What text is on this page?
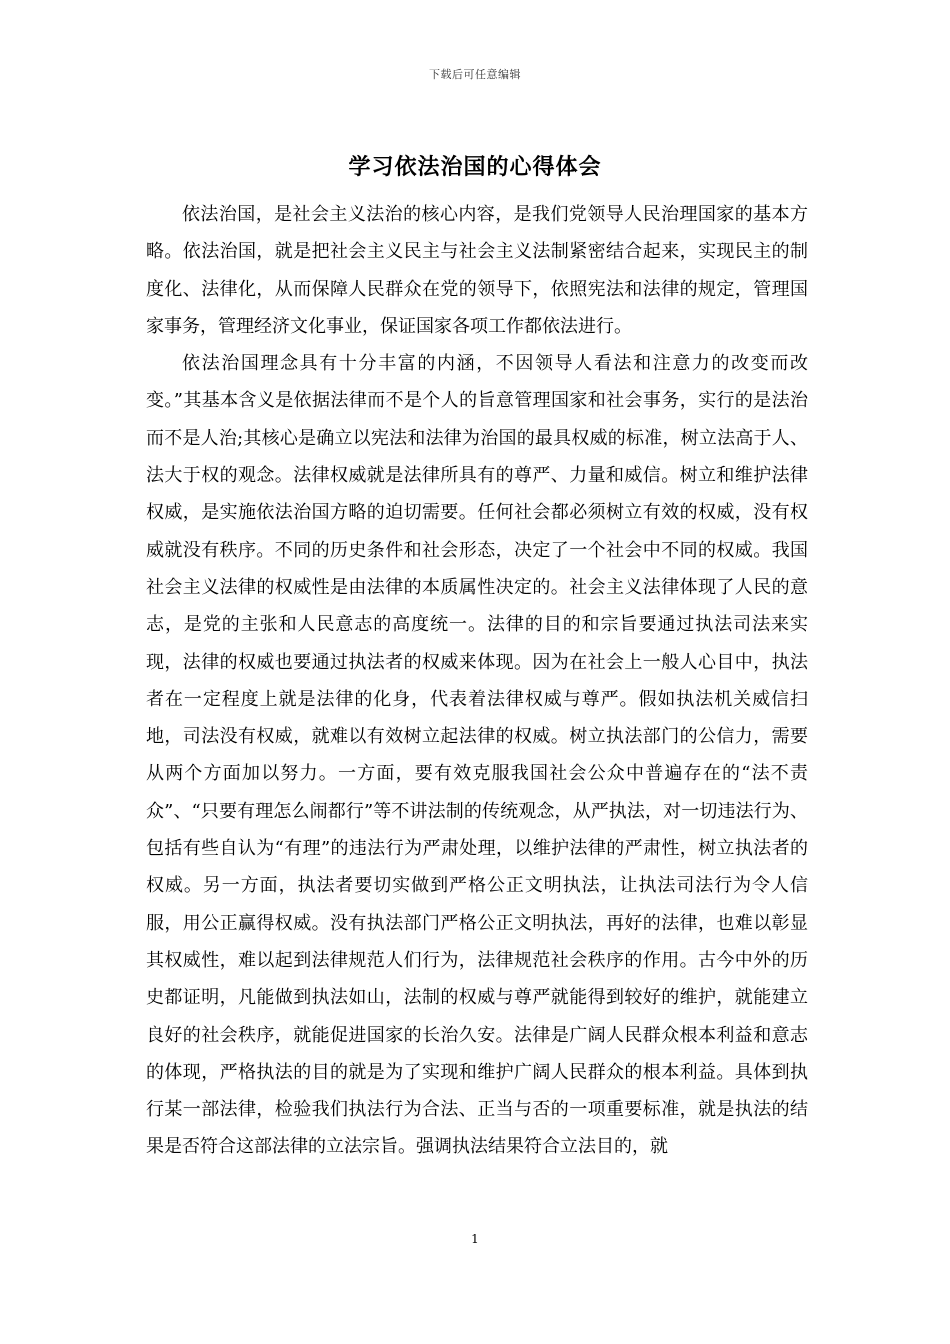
下载后可任意编辑
学习依法治国的心得体会

依法治国，是社会主义法治的核心内容，是我们党领导人民治理国家的基本方略。依法治国，就是把社会主义民主与社会主义法制紧密结合起来，实现民主的制度化、法律化，从而保障人民群众在党的领导下，依照宪法和法律的规定，管理国家事务，管理经济文化事业，保证国家各项工作都依法进行。

依法治国理念具有十分丰富的内涵，不因领导人看法和注意力的改变而改变。”其基本含义是依据法律而不是个人的旨意管理国家和社会事务，实行的是法治而不是人治;其核心是确立以宪法和法律为治国的最具权威的标准，树立法高于人、法大于权的观念。法律权威就是法律所具有的尊严、力量和威信。树立和维护法律权威，是实施依法治国方略的迫切需要。任何社会都必须树立有效的权威，没有权威就没有秩序。不同的历史条件和社会形态，决定了一个社会中不同的权威。我国社会主义法律的权威性是由法律的本质属性决定的。社会主义法律体现了人民的意志，是党的主张和人民意志的高度统一。法律的目的和宗旨要通过执法司法来实现，法律的权威也要通过执法者的权威来体现。因为在社会上一般人心目中，执法者在一定程度上就是法律的化身，代表着法律权威与尊严。假如执法机关威信扫地，司法没有权威，就难以有效树立起法律的权威。树立执法部门的公信力，需要从两个方面加以努力。一方面，要有效克服我国社会公众中普遍存在的“法不责众”、“只要有理怎么闹都行”等不讲法制的传统观念，从严执法，对一切违法行为、包括有些自认为“有理”的违法行为严肃处理，以维护法律的严肃性，树立执法者的权威。另一方面，执法者要切实做到严格公正文明执法，让执法司法行为令人信服，用公正赢得权威。没有执法部门严格公正文明执法，再好的法律，也难以彰显其权威性，难以起到法律规范人们行为，法律规范社会秩序的作用。古今中外的历史都证明，凡能做到执法如山，法制的权威与尊严就能得到较好的维护，就能建立良好的社会秩序，就能促进国家的长治久安。法律是广阔人民群众根本利益和意志的体现，严格执法的目的就是为了实现和维护广阔人民群众的根本利益。具体到执行某一部法律，检验我们执法行为合法、正当与否的一项重要标准，就是执法的结果是否符合这部法律的立法宗旨。强调执法结果符合立法目的，就

1
